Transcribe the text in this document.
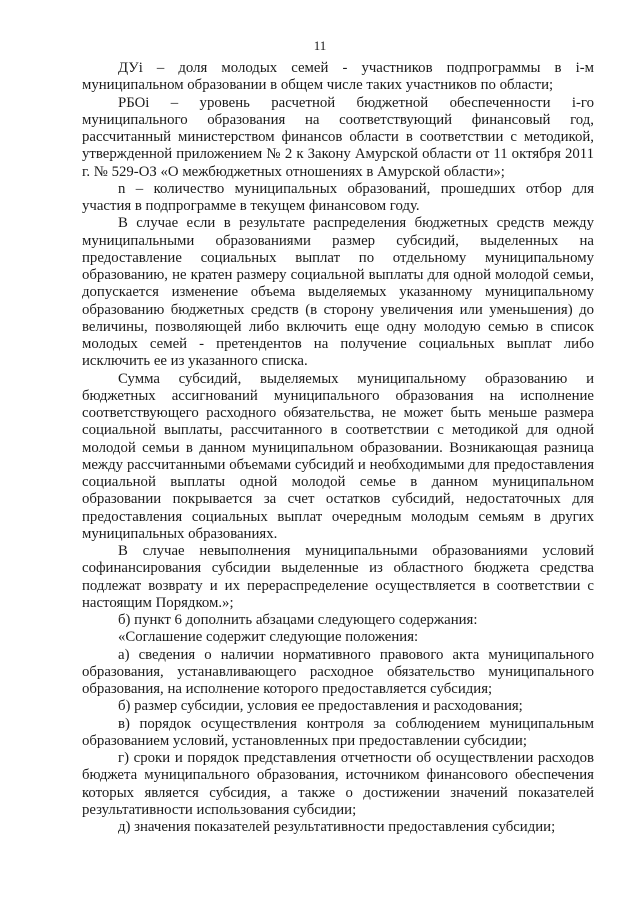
11

ДУi – доля молодых семей - участников подпрограммы в i-м муниципальном образовании в общем числе таких участников по области;

РБОi – уровень расчетной бюджетной обеспеченности i-го муниципального образования на соответствующий финансовый год, рассчитанный министерством финансов области в соответствии с методикой, утвержденной приложением № 2 к Закону Амурской области от 11 октября 2011 г. № 529-ОЗ «О межбюджетных отношениях в Амурской области»;

n – количество муниципальных образований, прошедших отбор для участия в подпрограмме в текущем финансовом году.

В случае если в результате распределения бюджетных средств между муниципальными образованиями размер субсидий, выделенных на предоставление социальных выплат по отдельному муниципальному образованию, не кратен размеру социальной выплаты для одной молодой семьи, допускается изменение объема выделяемых указанному муниципальному образованию бюджетных средств (в сторону увеличения или уменьшения) до величины, позволяющей либо включить еще одну молодую семью в список молодых семей - претендентов на получение социальных выплат либо исключить ее из указанного списка.

Сумма субсидий, выделяемых муниципальному образованию и бюджетных ассигнований муниципального образования на исполнение соответствующего расходного обязательства, не может быть меньше размера социальной выплаты, рассчитанного в соответствии с методикой для одной молодой семьи в данном муниципальном образовании. Возникающая разница между рассчитанными объемами субсидий и необходимыми для предоставления социальной выплаты одной молодой семье в данном муниципальном образовании покрывается за счет остатков субсидий, недостаточных для предоставления социальных выплат очередным молодым семьям в других муниципальных образованиях.

В случае невыполнения муниципальными образованиями условий софинансирования субсидии выделенные из областного бюджета средства подлежат возврату и их перераспределение осуществляется в соответствии с настоящим Порядком.»;

б) пункт 6 дополнить абзацами следующего содержания:

«Соглашение содержит следующие положения:

а) сведения о наличии нормативного правового акта муниципального образования, устанавливающего расходное обязательство муниципального образования, на исполнение которого предоставляется субсидия;

б) размер субсидии, условия ее предоставления и расходования;

в) порядок осуществления контроля за соблюдением муниципальным образованием условий, установленных при предоставлении субсидии;

г) сроки и порядок представления отчетности об осуществлении расходов бюджета муниципального образования, источником финансового обеспечения которых является субсидия, а также о достижении значений показателей результативности использования субсидии;

д) значения показателей результативности предоставления субсидии;
